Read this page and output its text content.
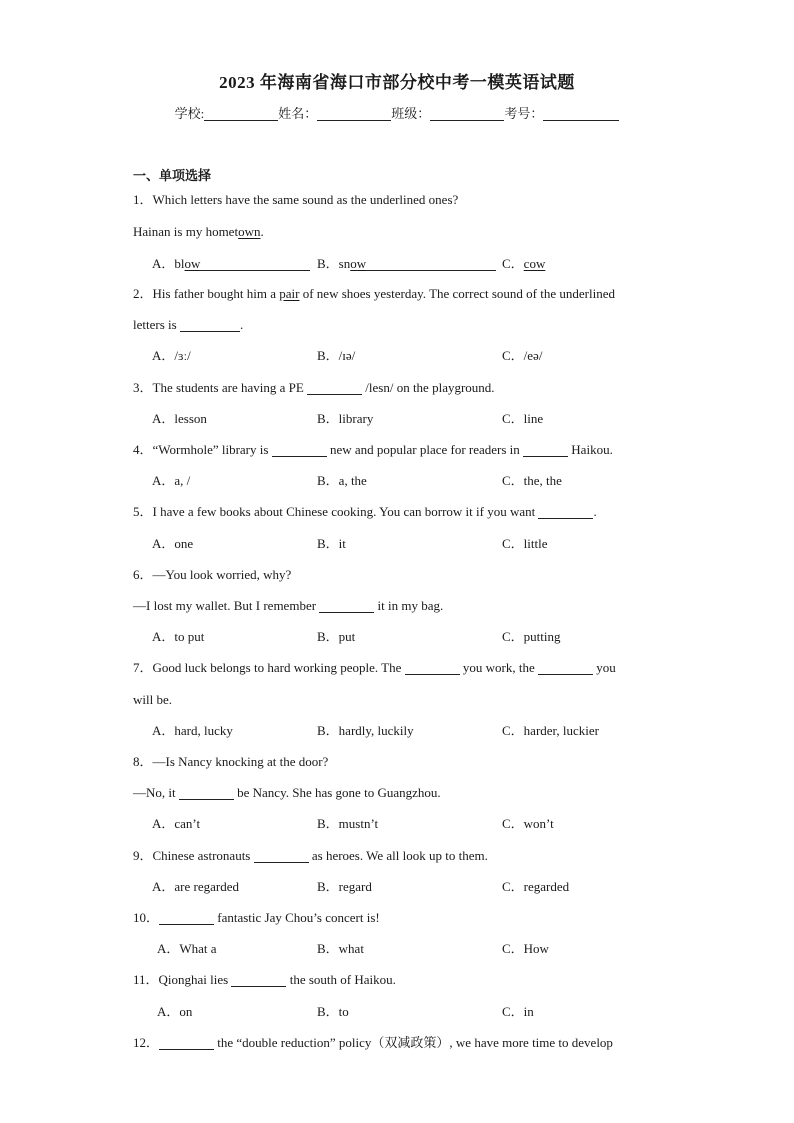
2023 年海南省海口市部分校中考一模英语试题
学校:	姓名：	班级：	考号：
一、单项选择
1．Which letters have the same sound as the underlined ones?
Hainan is my hometown.
A．blow	B．snow	C．cow
2．His father bought him a pair of new shoes yesterday. The correct sound of the underlined
letters is	.
A．/ɜː/	B．/ɪə/	C．/eə/
3．The students are having a PE	/lesn/ on the playground.
A．lesson	B．library	C．line
4．“Wormhole” library is	new and popular place for readers in	Haikou.
A．a, /	B．a, the	C．the, the
5．I have a few books about Chinese cooking. You can borrow it if you want	.
A．one	B．it	C．little
6．—You look worried, why?
—I lost my wallet. But I remember	it in my bag.
A．to put	B．put	C．putting
7．Good luck belongs to hard working people. The	you work, the	you
will be.
A．hard, lucky	B．hardly, luckily	C．harder, luckier
8．—Is Nancy knocking at the door?
—No, it	be Nancy. She has gone to Guangzhou.
A．can’t	B．mustn’t	C．won’t
9．Chinese astronauts	as heroes. We all look up to them.
A．are regarded	B．regard	C．regarded
10．	fantastic Jay Chou’s concert is!
A．What a	B．what	C．How
11．Qionghai lies	the south of Haikou.
A．on	B．to	C．in
12．	the “double reduction” policy（双减政策）, we have more time to develop
